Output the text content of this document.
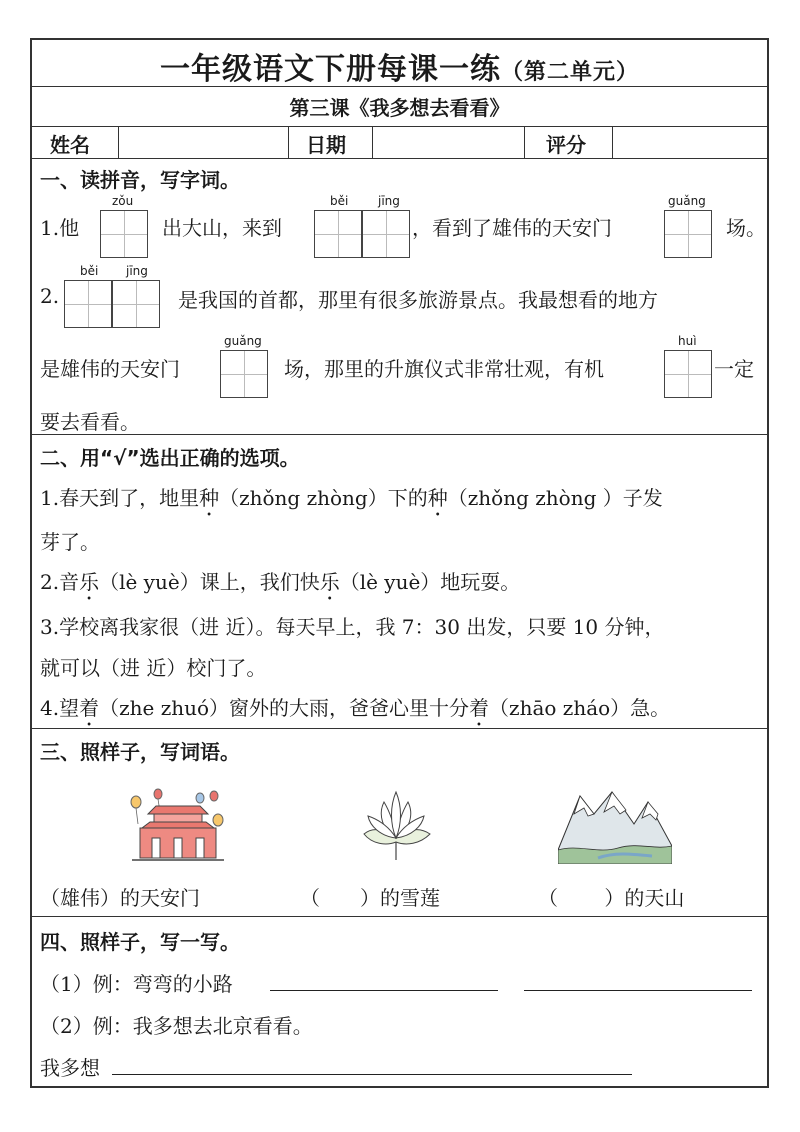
一年级语文下册每课一练（第二单元）
第三课《我多想去看看》
姓名	日期	评分
一、读拼音，写字词。
1.他
zǒu
出大山，来到
běi jīng
，看到了雄伟的天安门
guǎng
场。
2.
běi jīng
是我国的首都，那里有很多旅游景点。我最想看的地方
是雄伟的天安门
guǎng
场，那里的升旗仪式非常壮观，有机
huì
一定
要去看看。
二、用“√”选出正确的选项。
1.春天到了，地里种（zhǒng zhòng）下的种（zhǒng zhòng ）子发
芽了。
2.音乐（lè yuè）课上，我们快乐（lè yuè）地玩耍。
3.学校离我家很（进 近）。每天早上，我 7：30 出发，只要 10 分钟，
就可以（进 近）校门了。
4.望着（zhe zhuó）窗外的大雨，爸爸心里十分着（zhāo zháo）急。
三、照样子，写词语。
（雄伟）的天安门	（　　）的雪莲	（　　 ）的天山
四、照样子，写一写。
（1）例：弯弯的小路
（2）例：我多想去北京看看。
我多想
